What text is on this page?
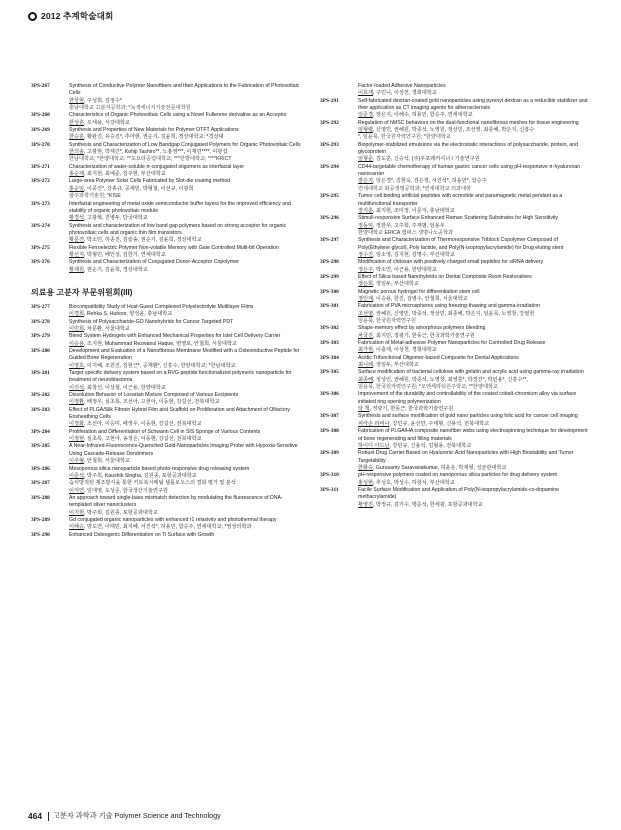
2012 추계학술대회
3PS-267	Synthesis of Conductive Polymer Nanofibers and their Applications to the Fabrication of Photovoltaic Cells
한상현, 주성희, 김정수*
충남대학교 고분자공학과; *녹색에너지기술전문대학원
3PS-268	Characteristics of Organic Photovoltaic Cells using a Novel Fullerene derivative as an Acceptor
한성훈, 오세용, 서강대학교
3PS-269	Synthesis and Properties of New Materials for Polymer OTFT Applications
한승훈, 황완진, 유승진*, 추아현, 권순기, 김윤희, 경상대학교; *경상대
3PS-270	Synthesis and Characterization of Low Bandgap Conjugated Polymers for Organic Photovoltaic Cells
한의솔, 고광현, 박재건*, Kohiji Tashiro**, 노홍영***, 이재민****, 이광섭
한남대학교; *한양대학교; **도요타공업대학교; ***한밭대학교; ****KRICT
3PS-271	Characterization of water-soluble π-conjugated oligomers as interfacial layer
홍순재, 최지현, 최예준, 김주현, 부산대학교
3PS-272	Large-area Polymer Solar Cells Fabricated by Slot-die coating method
홍순일, 이종진*, 강총규, 공재민, 박형철, 이선규, 이광희
광주과학기술원; *KISE
3PS-273	Interfacial engineering of metal oxide semiconductor buffer layers for the improved efficiency and stability of organic photovoltaic module
황경석, 고광혁, 진병두, 단국대학교
3PS-274	Synthesis and characterization of low band gap polymers based on strong acceptor for organic photovoltaic cells and organic thin film transistors
황문진, 박소민, 하종진, 김슬송, 권순기, 김윤희, 경상대학교
3PS-275	Flexible Ferroelectric Polymer Non-volatile Memory with Gate Controlled Multi-bit Operation
황선지, 박형민, 배인성, 김한기, 연세대학교
3PS-276	Synthesis and Characterization of Conjugated Donor-Acceptor Copolymer
황재원, 권순기, 김윤희, 경상대학교
의료용 고분자 부문위원회(III)
3PS-277	Biocompatibility Study of Host-Guest Complexed Polyelectrolyte Multilayer Films
이경희, Rehka S, Hunoor, 양성윤, 충남대학교
3PS-278	Synthesis of Polysaccharide-GO Nanohybrids for Cancer Targeted PDT
이민희, 차문환, 서울대학교
3PS-279	Blend System Hydrogels with Enhanced Mechanical Properties for Islet Cell Delivery Carrier
이승용, 조지현, Muhammad Rezwanul Haque, 변영로, 안철희, 서울대학교
3PS-280	Development and Evaluation of a Nanofibrous Membrane Modified with a Osteoinductive Peptide for Guided Bone Regeneration
이영호, 이지혜, 조원진, 김현근*, 공재환*, 신흥수, 한양대학교; *한남대학교
3PS-281	Target specific delivery system based on a RVG peptide functionalized polymeric nanoparticle for treatment of neuroblastoma
이의석, 최창선, 이상철, 이근용, 한양대학교
3PS-282	Dissolution Behavior of Losartan Mixture Composed of Various Excipients
이정환, 배정우, 심초록, 조선아, 고현아, 이동현, 강길선, 전북대학교
3PS-283	Effect of PLGA/Silk Fibroin Hybrid Film and Scaffold on Proliferation and Attachment of Olfactory Ensheathing Cells
이정화, 조선아, 이응미, 배정우, 이동현, 강길선, 전북대학교
3PS-284	Proliferation and Differentiation of Schwann Cell in SIS Sponge of Various Contents
이정현, 심초록, 고현아, 송정은, 이동현, 강길선, 전북대학교
3PS-285	A Near-Infrared-Fluorescence-Quenched Gold-Nanoparticles Imaging Probe with Hypoxia-Sensitive Using Cascade-Release Dendrimers
이주형, 안철희, 서울대학교
3PS-286	Mesoporous silica nanoparticle based photo-responsive drug releasing system
이준석, 박주희, Kaushik Singha, 김원종, 포항공과대학교
3PS-287	습식방적된 제조방식을 통한 키토복시메틸 셀룰로오스의 결화 평가 및 분석
이지연, 임대영, 도성준, 한국생산기술연구원
3PS-288	An approach toward single-base mismatch detection by modulating the fluorescence of DNA-templated silver nanoclusters
이지현, 박주희, 김원종, 포항공과대학교
3PS-289	Gd conjugated organic nanoparticles with enhanced r1 relaxivity and photothermal therapy
이해승, 방도연, 이태민, 최지혜, 서진석*, 허용민, 함승주, 연세대학교; *영상의학과
3PS-290	Enhanced Osteogenic Differentiation on Ti Surface with Growth
Factor-loaded Adhesive Nanoparticles
이효재, 구민니, 이상천, 경희대학교
3PS-291	Self-fabricated dextran-coated gold nanoparticles using pyrenyl dextran as a reducible stabilizer and their application as CT imaging agents for atherosclerosis
임준경, 장은지, 이해수, 허용민, 함승주, 연세대학교
3PS-292	Regulation of hMSC behaviors on the dual-functional nanofibrous meshes for tissue engineering
임형렬, 신영민, 권혜원, 박종석, 노영원, 정상민, 조선영, 최종해, 박은지, 신흥수
*, 임윤묵, 한국원자력연구원; *한양대학교
3PS-293	Biopolymer-stabilized emulsions via the electrostatic interactions of polysaccharide, protein, and glycoprotein
임형준, 김도훈, 신승석, (주)우포래커셔너 / 기술연구원
3PS-294	CD44-targetable chemotherapy of human gastric cancer cells using pH-responsive π-hyaluronan nanocarrier
장은지, 임은경*, 김현욱, 김은정, 서진석*, 허용민*, 함승주
연세대학교 화공생명공학과; *연세대학교 의과대학
3PS-295	Tumor cell binding artificial peptides with ocreotide and paramagnetic metal pendant as a multifunctional transporter
장지훈, 최지현, 조미정, 이문지, 충남대학교
3PS-296	Stimuli-responsive Surface Enhanced Raman Scattering Substrates for High Sensitivity
정동익, 정한우, 고주희, 주재범, 임용우
한양대학교 ERICA 캠퍼스 생명나노공학과
3PS-297	Synthesis and Characterization of Thermoresponsive Triblock Copolymer Composed of Poly(Ethylene glycol), Poly lactide, and Poly(N-isopropylacrylamide) for Drug eluting stent
정수진, 임소영, 김지현, 김명수, 부산대학교
3PS-298	Modification of chitosan with positively charged small peptides for siRNA delivery
정은주, 박소연, 이근용, 한양대학교
3PS-299	Effect of Silica based Nanohybrids on Dental Composite Resin Restoratives
정은희, 정임두, 부산대학교
3PS-300	Magnetic porous hydrogel for differentiation stem cell
정인재, 이승용, 한진, 김병수, 안철희, 서울대학교
3PS-301	Fabrication of PVA microspheres using freezing-thawing and gamma-irradiation
조선영, 권혜원, 신영민, 박종석, 정상민, 최종해, 박은지, 임윤묵, 노영창, 강필헌
임윤묵, 한국원자력연구원
3PS-302	Shape-memory effect by amorphous polymers blending
차국진, 최지민, 정광기, 한동근, 한국과학기술연구원
3PS-303	Fabrication of Metal-adhesive Polymer Nanoparticles for Controlled Drug Release
최가현, 이출재, 이상천, 경희대학교
3PS-304	Acidic Trifunctional Oligomer-based Composite for Dental Applications
최니례, 정임두, 부산대학교
3PS-305	Surface modification of bacterial cellulose with gelatin and acrylic acid using gamma-ray irradiation
최종해, 정상민, 권혜원, 박종석, 노영창, 최영훈*, 박경진*, 박민용*, 신흥수**,
임윤묵, 한국원자력연구원; *오엔세라티원주학교; **한양대학교
3PS-306	Improvement of the durability and controllability of the coated cobalt-chromium alloy via surface initiated ring opening polymerization
탁 책, 정광기, 한동근, 한국과학기술연구원
3PS-307	Synthesis and surface modification of gold nano particles using folic acid for cancer cell imaging
피아손 라비나, 강민규, 윤선민, 구태형, 신용석, 전북대학교
3PS-308	Fabrication of PLGA/HA composite nanofiber webs using electrospinning technique for development of bone regenerating and filling materials
하이디 아드난, 강민규, 신용석, 김형용, 전북대학교
3PS-309	Robust Drug Carrier Based on Hyaluronic Acid Nanoparticles with High Biostability and Tumor Targetability
한화승, Gurusamy Saravanakumar, 허윤운, 박재형, 성균관대학교
3PS-310	pH-responsive polymers coated on nanoporous silica particles for drug delivery system
홍성현, 추성호, 박성수, 하창식, 부산대학교
3PS-311	Facile Surface Modification and Application of Poly(N-isopropylacrylamide-co-dopamine methacrylamide)
황영진, 박정규, 김기수, 맹준석, 한세광, 포항공과대학교
464 고분자 과학과 기술 Polymer Science and Technology
